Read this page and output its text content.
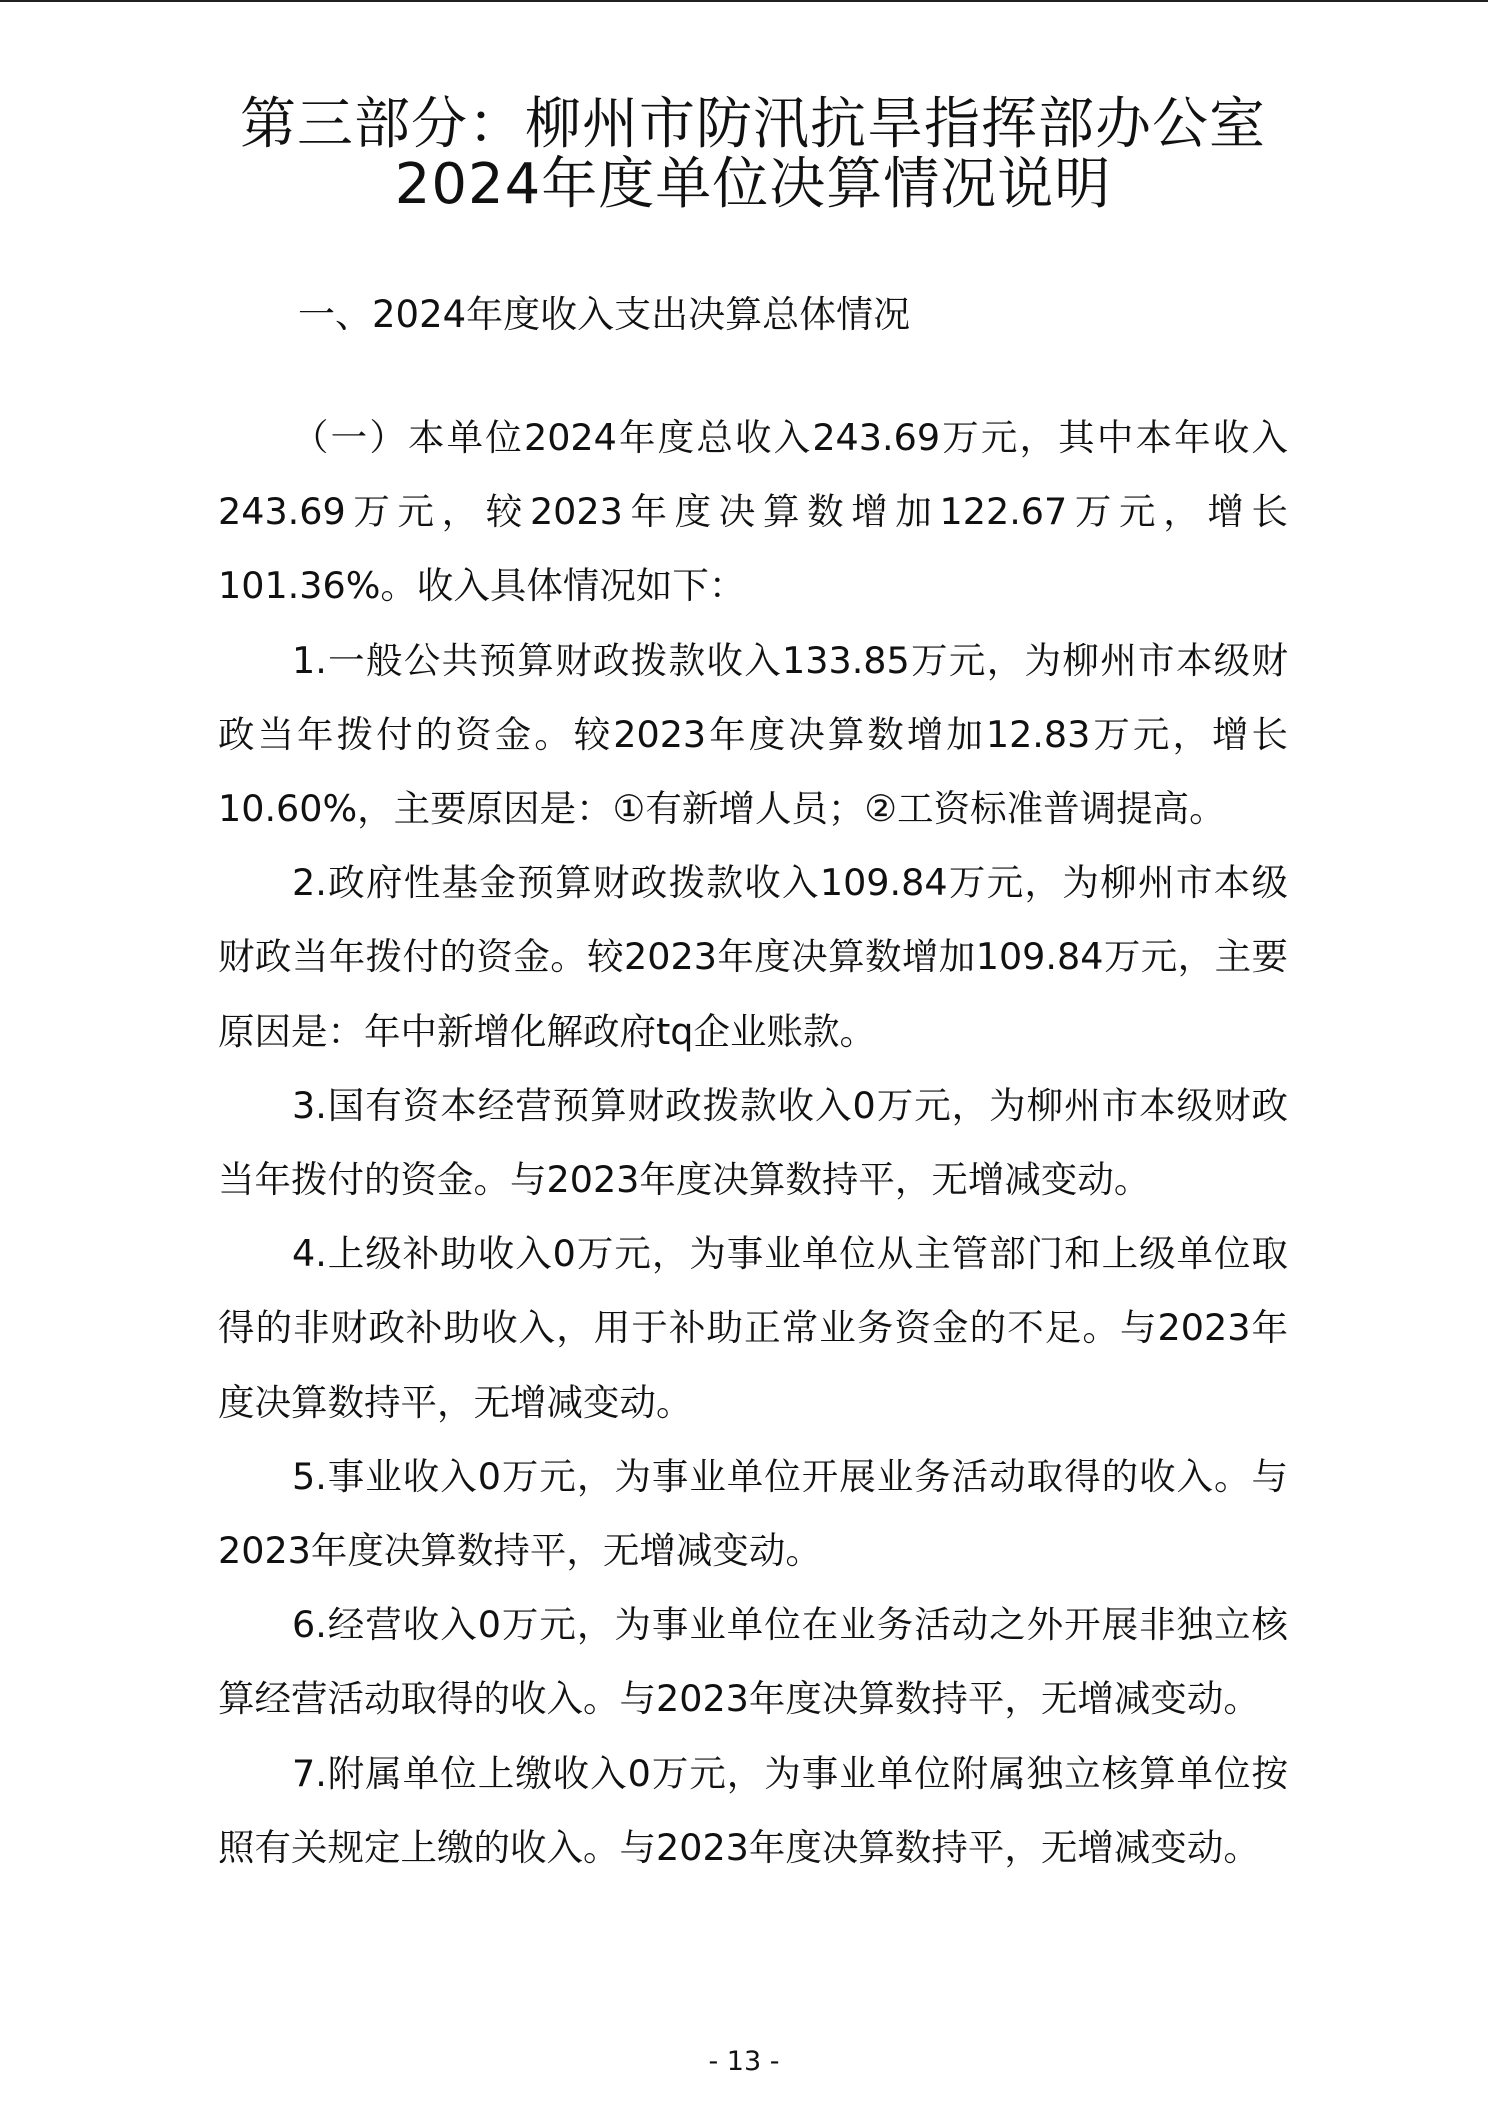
第三部分：柳州市防汛抗旱指挥部办公室
2024年度单位决算情况说明
一、2024年度收入支出决算总体情况

（一）本单位2024年度总收入243.69万元，其中本年收入243.69万元，较2023年度决算数增加122.67万元，增长101.36%。收入具体情况如下：

1.一般公共预算财政拨款收入133.85万元，为柳州市本级财政当年拨付的资金。较2023年度决算数增加12.83万元，增长10.60%，主要原因是：①有新增人员；②工资标准普调提高。

2.政府性基金预算财政拨款收入109.84万元，为柳州市本级财政当年拨付的资金。较2023年度决算数增加109.84万元，主要原因是：年中新增化解政府tq企业账款。

3.国有资本经营预算财政拨款收入0万元，为柳州市本级财政当年拨付的资金。与2023年度决算数持平，无增减变动。

4.上级补助收入0万元，为事业单位从主管部门和上级单位取得的非财政补助收入，用于补助正常业务资金的不足。与2023年度决算数持平，无增减变动。

5.事业收入0万元，为事业单位开展业务活动取得的收入。与2023年度决算数持平，无增减变动。

6.经营收入0万元，为事业单位在业务活动之外开展非独立核算经营活动取得的收入。与2023年度决算数持平，无增减变动。

7.附属单位上缴收入0万元，为事业单位附属独立核算单位按照有关规定上缴的收入。与2023年度决算数持平，无增减变动。

- 13 -
